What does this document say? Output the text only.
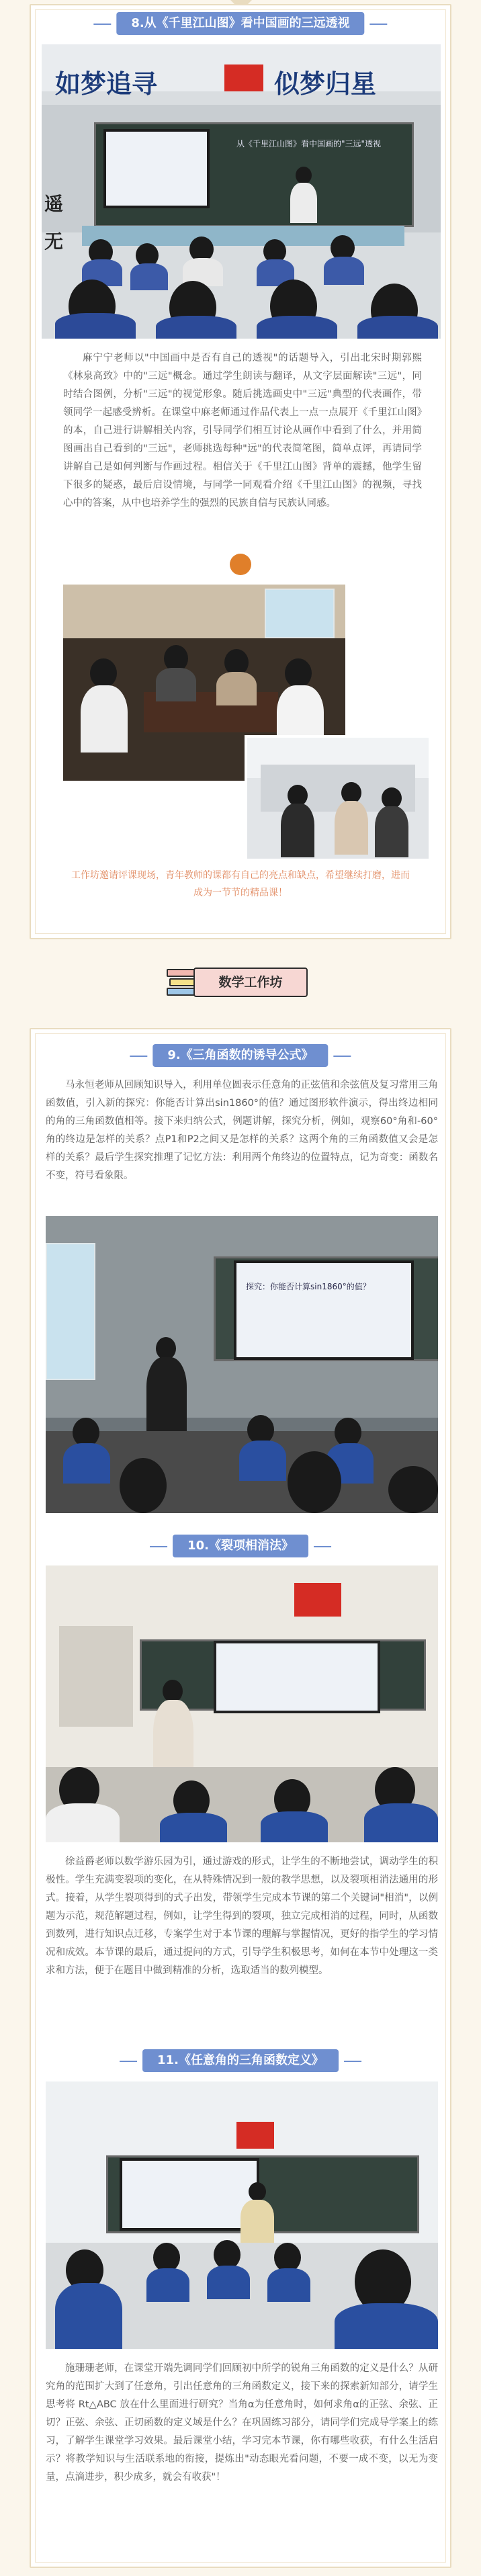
8.从《千里江山图》看中国画的三远透视
如梦追寻	似梦归星
从《千里江山图》看中国画的"三远"透视
遥 无
麻宁宁老师以"中国画中是否有自己的透视"的话题导入，引出北宋时期郭熙《林泉高致》中的"三远"概念。通过学生朗读与翻译，从文字层面解读"三远"，同时结合图例，分析"三远"的视觉形象。随后挑选画史中"三远"典型的代表画作，带领同学一起感受辨析。在课堂中麻老师通过作品代表上一点一点展开《千里江山图》的本，自己进行讲解相关内容，引导同学们相互讨论从画作中看到了什么，并用简图画出自己看到的"三远"，老师挑选每种"远"的代表简笔图，简单点评，再请同学讲解自己是如何判断与作画过程。相信关于《千里江山图》背单的震撼，他学生留下很多的疑惑，最后启设情境，与同学一同观看介绍《千里江山图》的视频，寻找心中的答案，从中也培养学生的强烈的民族自信与民族认同感。
工作坊邀请评课现场，青年教师的课都有自己的亮点和缺点，希望继续打磨，进而成为一节节的精品课！
数学工作坊
9.《三角函数的诱导公式》
马永恒老师从回顾知识导入，利用单位圆表示任意角的正弦值和余弦值及复习常用三角函数值，引入新的探究：你能否计算出sin1860°的值？通过图形软件演示，得出终边相同的角的三角函数值相等。接下来归纳公式，例题讲解，探究分析，例如，观察60°角和-60°角的终边是怎样的关系？点P1和P2之间又是怎样的关系？这两个角的三角函数值又会是怎样的关系？最后学生探究推理了记忆方法：利用两个角终边的位置特点，记为奇变：函数名不变，符号看象限。
探究：你能否计算sin1860°的值？
10.《裂项相消法》
徐益爵老师以数学游乐园为引，通过游戏的形式，让学生的不断地尝试，调动学生的积极性。学生充满变裂项的变化，在从特殊情况到一般的教学思想，以及裂项相消法通用的形式。接着，从学生裂项得到的式子出发，带领学生完成本节课的第二个关键词"相消"，以例题为示范，规范解题过程，例如，让学生得到的裂项，独立完成相消的过程，同时，从函数到数列，进行知识点迁移，专案学生对于本节课的理解与掌握情况，更好的指学生的学习情况和成效。本节课的最后，通过提问的方式，引导学生积极思考，如何在本节中处理这一类求和方法，便于在题目中做到精准的分析，选取适当的数列模型。
11.《任意角的三角函数定义》
施珊珊老师，在课堂开端先调同学们回顾初中所学的锐角三角函数的定义是什么？从研究角的范围扩大到了任意角，引出任意角的三角函数定义，接下来的探索新知部分，请学生思考将 Rt△ABC 放在什么里面进行研究？当角α为任意角时，如何求角α的正弦、余弦、正切？正弦、余弦、正切函数的定义域是什么？在巩固练习部分，请同学们完成导学案上的练习，了解学生课堂学习效果。最后课堂小结，学习完本节课，你有哪些收获，有什么生活启示？将教学知识与生活联系地的衔接，提炼出"动态眼光看问题，不要一成不变，以无为变量，点滴进步，积少成多，就会有收获"！
